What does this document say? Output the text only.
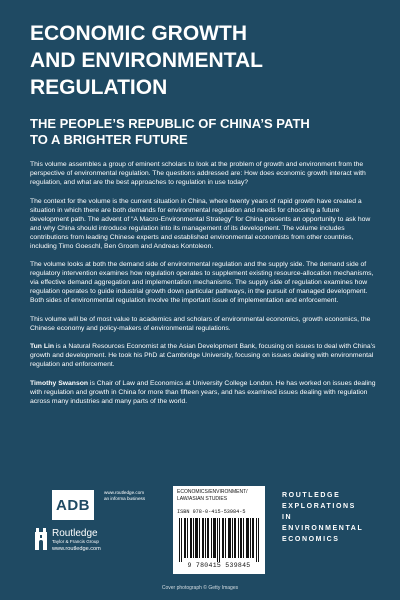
ECONOMIC GROWTH
AND ENVIRONMENTAL
REGULATION
THE PEOPLE’S REPUBLIC OF CHINA’S PATH
TO A BRIGHTER FUTURE

This volume assembles a group of eminent scholars to look at the problem of growth and environment from the perspective of environmental regulation. The questions addressed are: How does economic growth interact with regulation, and what are the best approaches to regulation in use today?

The context for the volume is the current situation in China, where twenty years of rapid growth have created a situation in which there are both demands for environmental regulation and needs for choosing a future development path. The advent of “A Macro-Environmental Strategy” for China presents an opportunity to ask how and why China should introduce regulation into its management of its development. The volume includes contributions from leading Chinese experts and established environmental economists from other countries, including Timo Goeschl, Ben Groom and Andreas Kontoleon.

The volume looks at both the demand side of environmental regulation and the supply side. The demand side of regulatory intervention examines how regulation operates to supplement existing resource-allocation mechanisms, via effective demand aggregation and implementation mechanisms. The supply side of regulation examines how regulation operates to guide industrial growth down particular pathways, in the pursuit of managed development. Both sides of environmental regulation involve the important issue of implementation and enforcement.

This volume will be of most value to academics and scholars of environmental economics, growth economics, the Chinese economy and policy-makers of environmental regulations.

Tun Lin is a Natural Resources Economist at the Asian Development Bank, focusing on issues to deal with China’s growth and development. He took his PhD at Cambridge University, focusing on issues dealing with environmental regulation and enforcement.

Timothy Swanson is Chair of Law and Economics at University College London. He has worked on issues dealing with regulation and growth in China for more than fifteen years, and has examined issues dealing with regulation across many industries and many parts of the world.

ADB
www.routledge.com
an informa business
Routledge
Taylor & Francis Group
www.routledge.com
ECONOMICS/ENVIRONMENT/
LAW/ASIAN STUDIES
ISBN 978-0-415-53984-5
9 780415 539845
ROUTLEDGE
EXPLORATIONS
IN
ENVIRONMENTAL
ECONOMICS
Cover photograph © Getty Images
